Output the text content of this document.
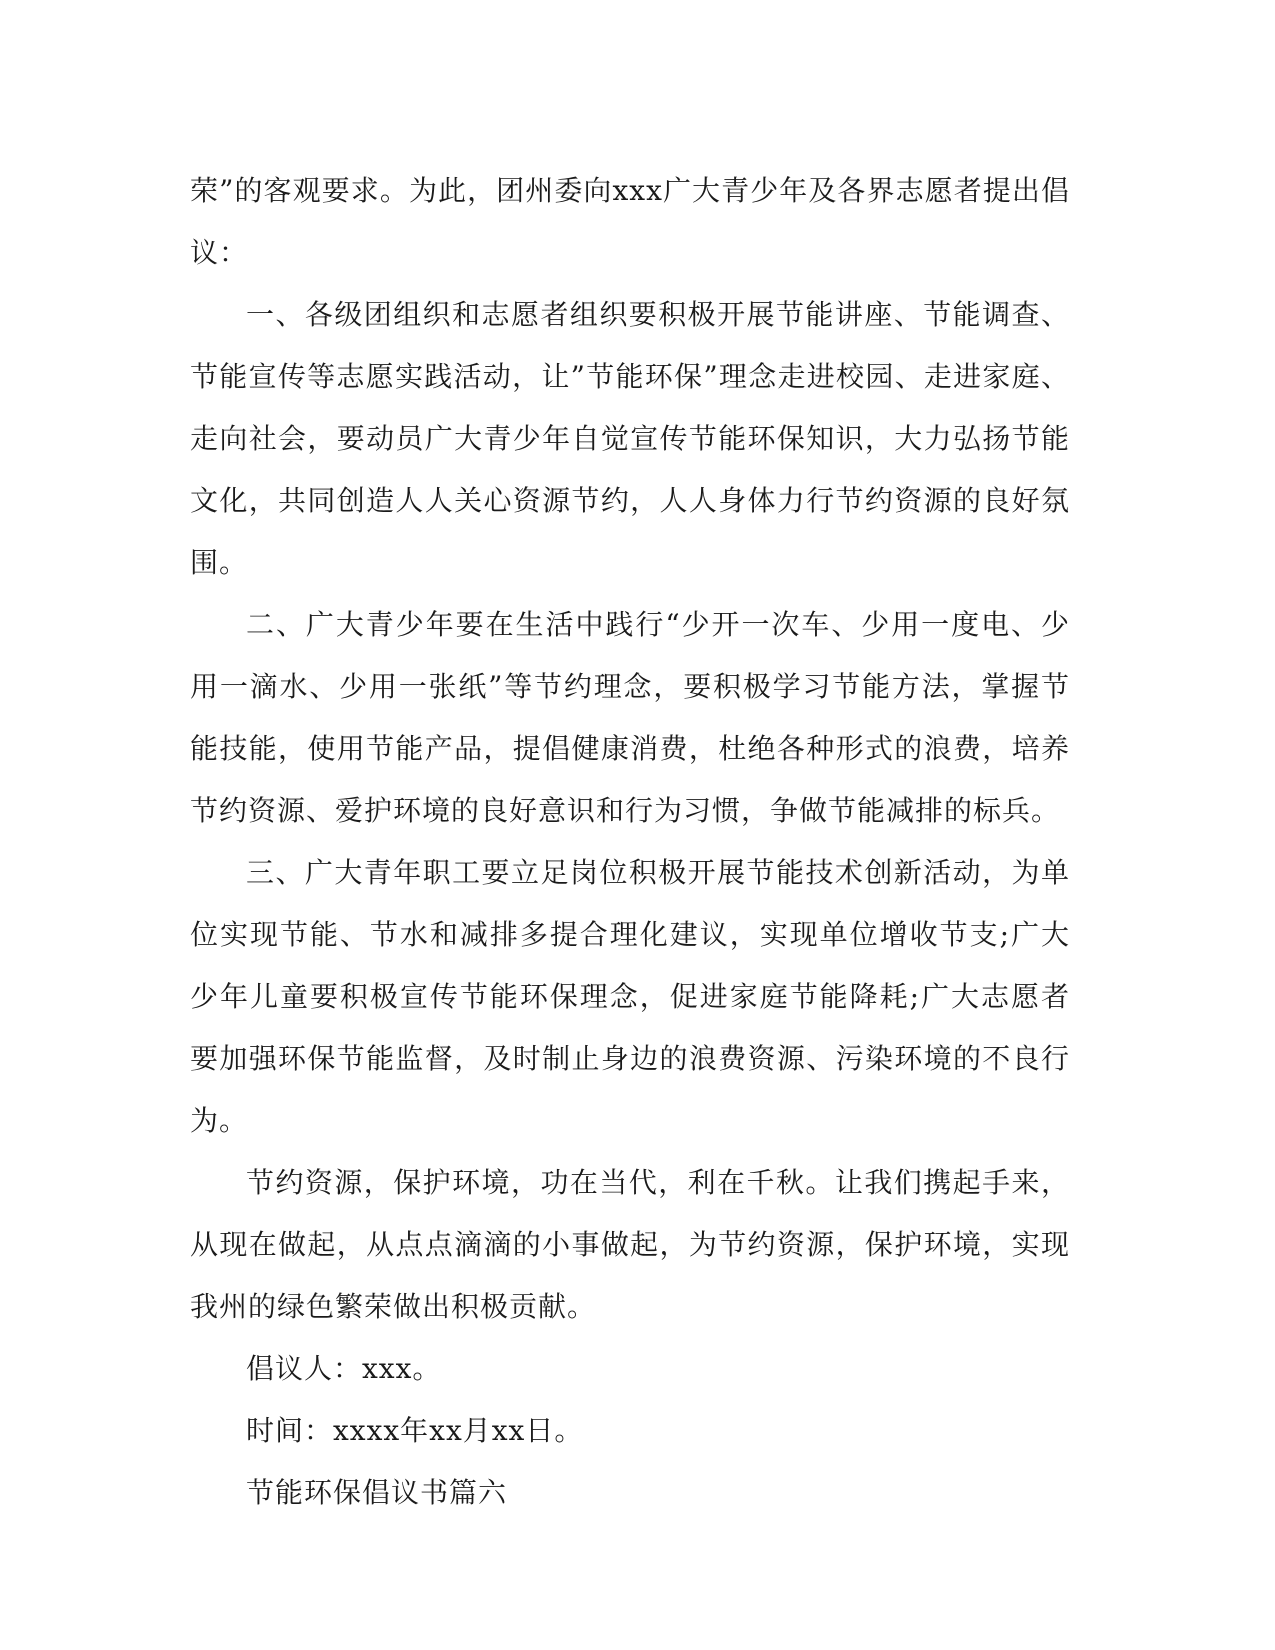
荣”的客观要求。为此，团州委向xxx广大青少年及各界志愿者提出倡议：

一、各级团组织和志愿者组织要积极开展节能讲座、节能调查、节能宣传等志愿实践活动，让”节能环保”理念走进校园、走进家庭、走向社会，要动员广大青少年自觉宣传节能环保知识，大力弘扬节能文化，共同创造人人关心资源节约，人人身体力行节约资源的良好氛围。

二、广大青少年要在生活中践行“少开一次车、少用一度电、少用一滴水、少用一张纸”等节约理念，要积极学习节能方法，掌握节能技能，使用节能产品，提倡健康消费，杜绝各种形式的浪费，培养节约资源、爱护环境的良好意识和行为习惯，争做节能减排的标兵。

三、广大青年职工要立足岗位积极开展节能技术创新活动，为单位实现节能、节水和减排多提合理化建议，实现单位增收节支;广大少年儿童要积极宣传节能环保理念，促进家庭节能降耗;广大志愿者要加强环保节能监督，及时制止身边的浪费资源、污染环境的不良行为。

节约资源，保护环境，功在当代，利在千秋。让我们携起手来，从现在做起，从点点滴滴的小事做起，为节约资源，保护环境，实现我州的绿色繁荣做出积极贡献。

倡议人：xxx。

时间：xxxx年xx月xx日。

节能环保倡议书篇六
